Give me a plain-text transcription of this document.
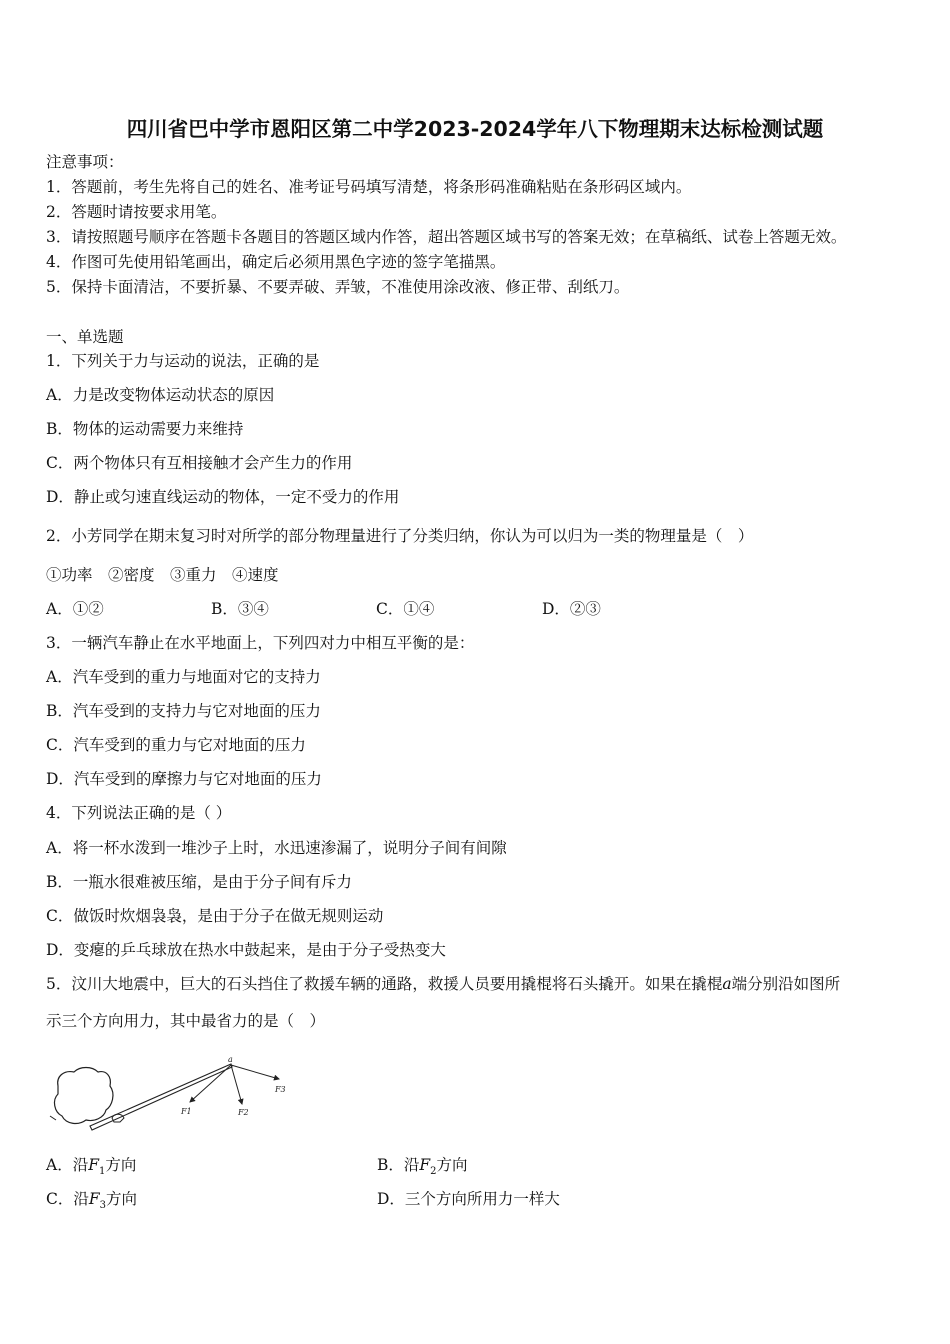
四川省巴中学市恩阳区第二中学2023-2024学年八下物理期末达标检测试题
注意事项：
1．答题前，考生先将自己的姓名、准考证号码填写清楚，将条形码准确粘贴在条形码区域内。
2．答题时请按要求用笔。
3．请按照题号顺序在答题卡各题目的答题区域内作答，超出答题区域书写的答案无效；在草稿纸、试卷上答题无效。
4．作图可先使用铅笔画出，确定后必须用黑色字迹的签字笔描黑。
5．保持卡面清洁，不要折暴、不要弄破、弄皱，不准使用涂改液、修正带、刮纸刀。
一、单选题
1．下列关于力与运动的说法，正确的是
A．力是改变物体运动状态的原因
B．物体的运动需要力来维持
C．两个物体只有互相接触才会产生力的作用
D．静止或匀速直线运动的物体，一定不受力的作用
2．小芳同学在期末复习时对所学的部分物理量进行了分类归纳，你认为可以归为一类的物理量是（　）
①功率　②密度　③重力　④速度
A．①②	B．③④	C．①④	D．②③
3．一辆汽车静止在水平地面上，下列四对力中相互平衡的是：
A．汽车受到的重力与地面对它的支持力
B．汽车受到的支持力与它对地面的压力
C．汽车受到的重力与它对地面的压力
D．汽车受到的摩擦力与它对地面的压力
4．下列说法正确的是（ ）
A．将一杯水泼到一堆沙子上时，水迅速渗漏了，说明分子间有间隙
B．一瓶水很难被压缩，是由于分子间有斥力
C．做饭时炊烟袅袅，是由于分子在做无规则运动
D．变瘪的乒乓球放在热水中鼓起来，是由于分子受热变大
5．汶川大地震中，巨大的石头挡住了救援车辆的通路，救援人员要用撬棍将石头撬开。如果在撬棍a端分别沿如图所
示三个方向用力，其中最省力的是（　）
a
F1	F2
F3
A．沿$F_1$方向	B．沿$F_2$方向
C．沿$F_3$方向	D．三个方向所用力一样大
